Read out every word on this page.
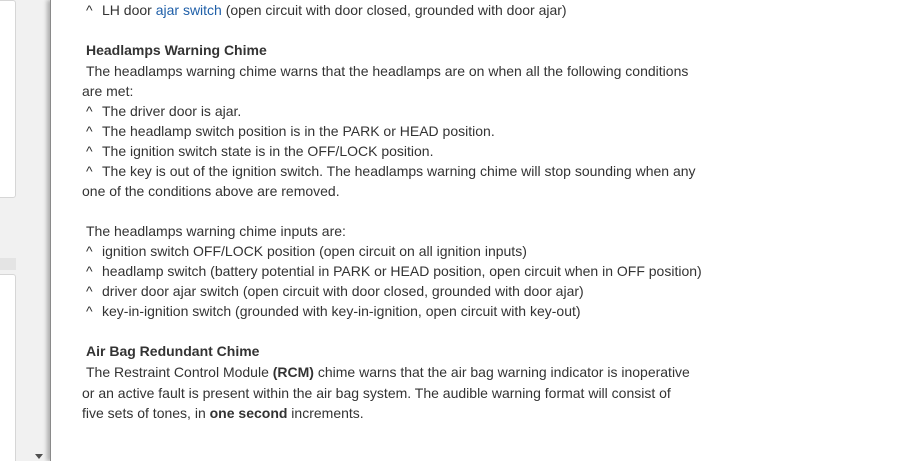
^ LH door ajar switch (open circuit with door closed, grounded with door ajar)
Headlamps Warning Chime
The headlamps warning chime warns that the headlamps are on when all the following conditions
are met:
^ The driver door is ajar.
^ The headlamp switch position is in the PARK or HEAD position.
^ The ignition switch state is in the OFF/LOCK position.
^ The key is out of the ignition switch. The headlamps warning chime will stop sounding when any
one of the conditions above are removed.
The headlamps warning chime inputs are:
^ ignition switch OFF/LOCK position (open circuit on all ignition inputs)
^ headlamp switch (battery potential in PARK or HEAD position, open circuit when in OFF position)
^ driver door ajar switch (open circuit with door closed, grounded with door ajar)
^ key-in-ignition switch (grounded with key-in-ignition, open circuit with key-out)
Air Bag Redundant Chime
The Restraint Control Module (RCM) chime warns that the air bag warning indicator is inoperative
or an active fault is present within the air bag system. The audible warning format will consist of
five sets of tones, in one second increments.
